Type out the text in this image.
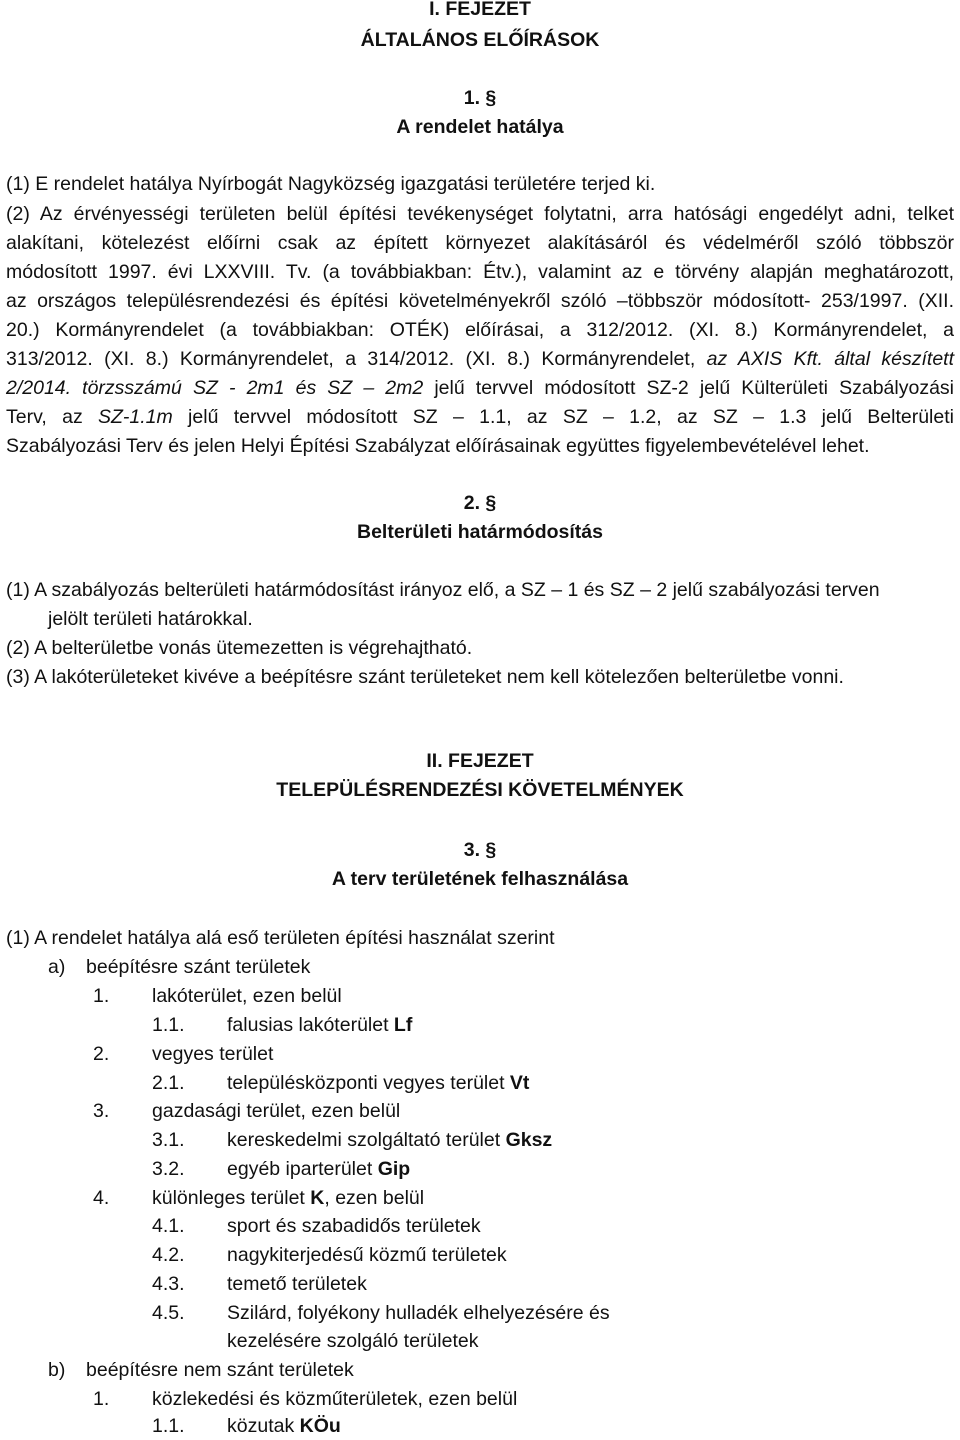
I. FEJEZET
ÁLTALÁNOS ELŐÍRÁSOK
1. §
A rendelet hatálya
(1) E rendelet hatálya Nyírbogát Nagyközség igazgatási területére terjed ki.
(2) Az érvényességi területen belül építési tevékenységet folytatni, arra hatósági engedélyt adni, telket
alakítani, kötelezést előírni csak az épített környezet alakításáról és védelméről szóló többször
módosított 1997. évi LXXVIII. Tv. (a továbbiakban: Étv.), valamint az e törvény alapján meghatározott,
az országos településrendezési és építési követelményekről szóló –többször módosított- 253/1997. (XII.
20.) Kormányrendelet (a továbbiakban: OTÉK) előírásai, a 312/2012. (XI. 8.) Kormányrendelet, a
313/2012. (XI. 8.) Kormányrendelet, a 314/2012. (XI. 8.) Kormányrendelet, az AXIS Kft. által készített
2/2014. törzsszámú SZ - 2m1 és SZ – 2m2 jelű tervvel módosított SZ-2 jelű Külterületi Szabályozási
Terv, az SZ-1.1m jelű tervvel módosított SZ – 1.1, az SZ – 1.2, az SZ – 1.3 jelű Belterületi
Szabályozási Terv és jelen Helyi Építési Szabályzat előírásainak együttes figyelembevételével lehet.
2. §
Belterületi határmódosítás
(1) A szabályozás belterületi határmódosítást irányoz elő, a SZ – 1 és SZ – 2 jelű szabályozási terven
jelölt területi határokkal.
(2) A belterületbe vonás ütemezetten is végrehajtható.
(3) A lakóterületeket kivéve a beépítésre szánt területeket nem kell kötelezően belterületbe vonni.
II. FEJEZET
TELEPÜLÉSRENDEZÉSI KÖVETELMÉNYEK
3. §
A terv területének felhasználása
(1) A rendelet hatálya alá eső területen építési használat szerint
a) beépítésre szánt területek
1. lakóterület, ezen belül
1.1. falusias lakóterület Lf
2. vegyes terület
2.1. településközponti vegyes terület Vt
3. gazdasági terület, ezen belül
3.1. kereskedelmi szolgáltató terület Gksz
3.2. egyéb iparterület Gip
4. különleges terület K, ezen belül
4.1. sport és szabadidős területek
4.2. nagykiterjedésű közmű területek
4.3. temető területek
4.5. Szilárd, folyékony hulladék elhelyezésére és
kezelésére szolgáló területek
b) beépítésre nem szánt területek
1. közlekedési és közműterületek, ezen belül
1.1. közutak KÖu
